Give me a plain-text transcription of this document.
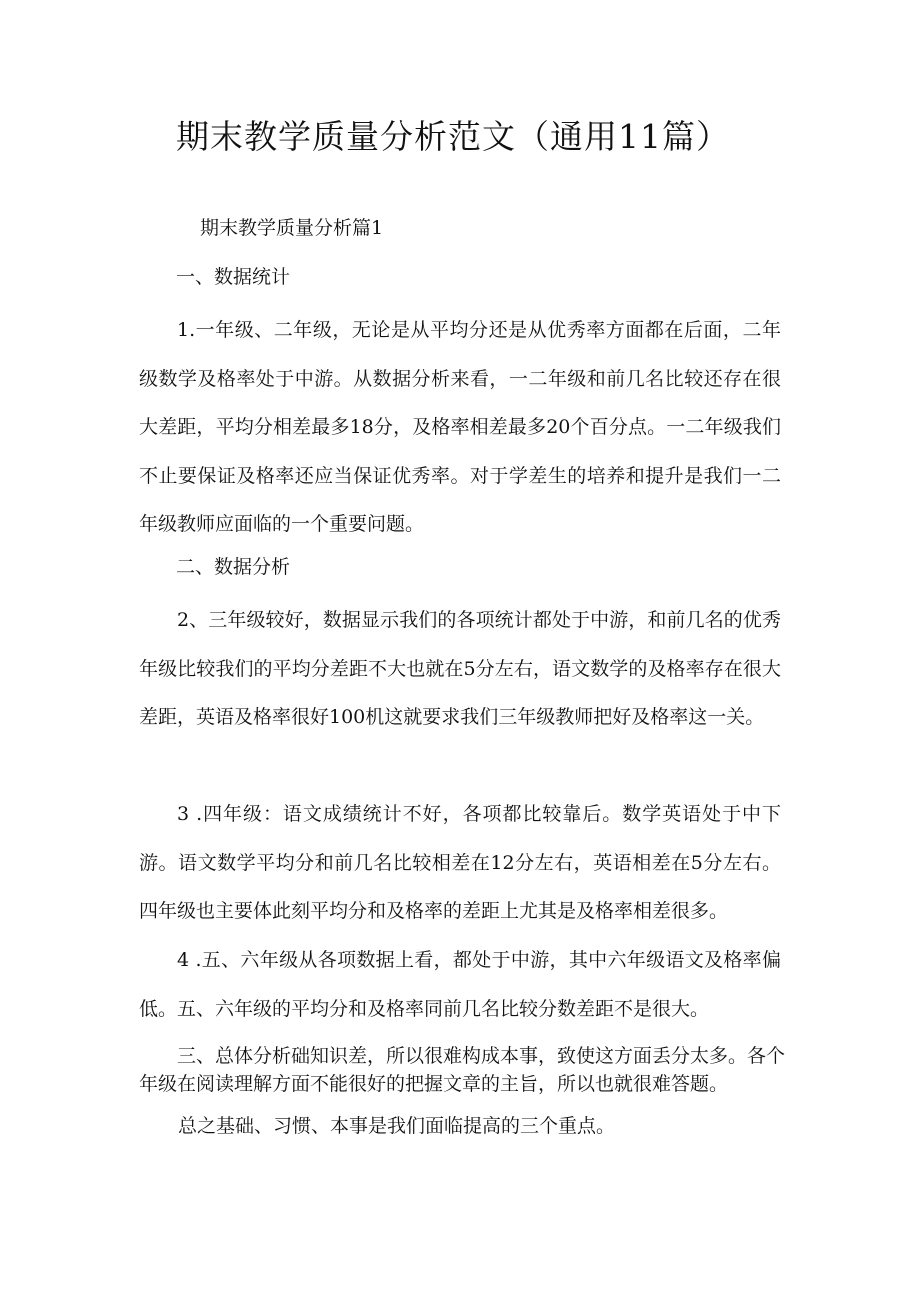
期末教学质量分析范文（通用11篇）
期末教学质量分析篇1
一、数据统计

1.一年级、二年级，无论是从平均分还是从优秀率方面都在后面，二年级数学及格率处于中游。从数据分析来看，一二年级和前几名比较还存在很大差距，平均分相差最多18分，及格率相差最多20个百分点。一二年级我们不止要保证及格率还应当保证优秀率。对于学差生的培养和提升是我们一二年级教师应面临的一个重要问题。

二、数据分析

2、三年级较好，数据显示我们的各项统计都处于中游，和前几名的优秀年级比较我们的平均分差距不大也就在5分左右，语文数学的及格率存在很大差距，英语及格率很好100机这就要求我们三年级教师把好及格率这一关。

3 .四年级：语文成绩统计不好，各项都比较靠后。数学英语处于中下游。语文数学平均分和前几名比较相差在12分左右，英语相差在5分左右。四年级也主要体此刻平均分和及格率的差距上尤其是及格率相差很多。

4 .五、六年级从各项数据上看，都处于中游，其中六年级语文及格率偏低。五、六年级的平均分和及格率同前几名比较分数差距不是很大。

三、总体分析础知识差，所以很难构成本事，致使这方面丢分太多。各个年级在阅读理解方面不能很好的把握文章的主旨，所以也就很难答题。

总之基础、习惯、本事是我们面临提高的三个重点。
